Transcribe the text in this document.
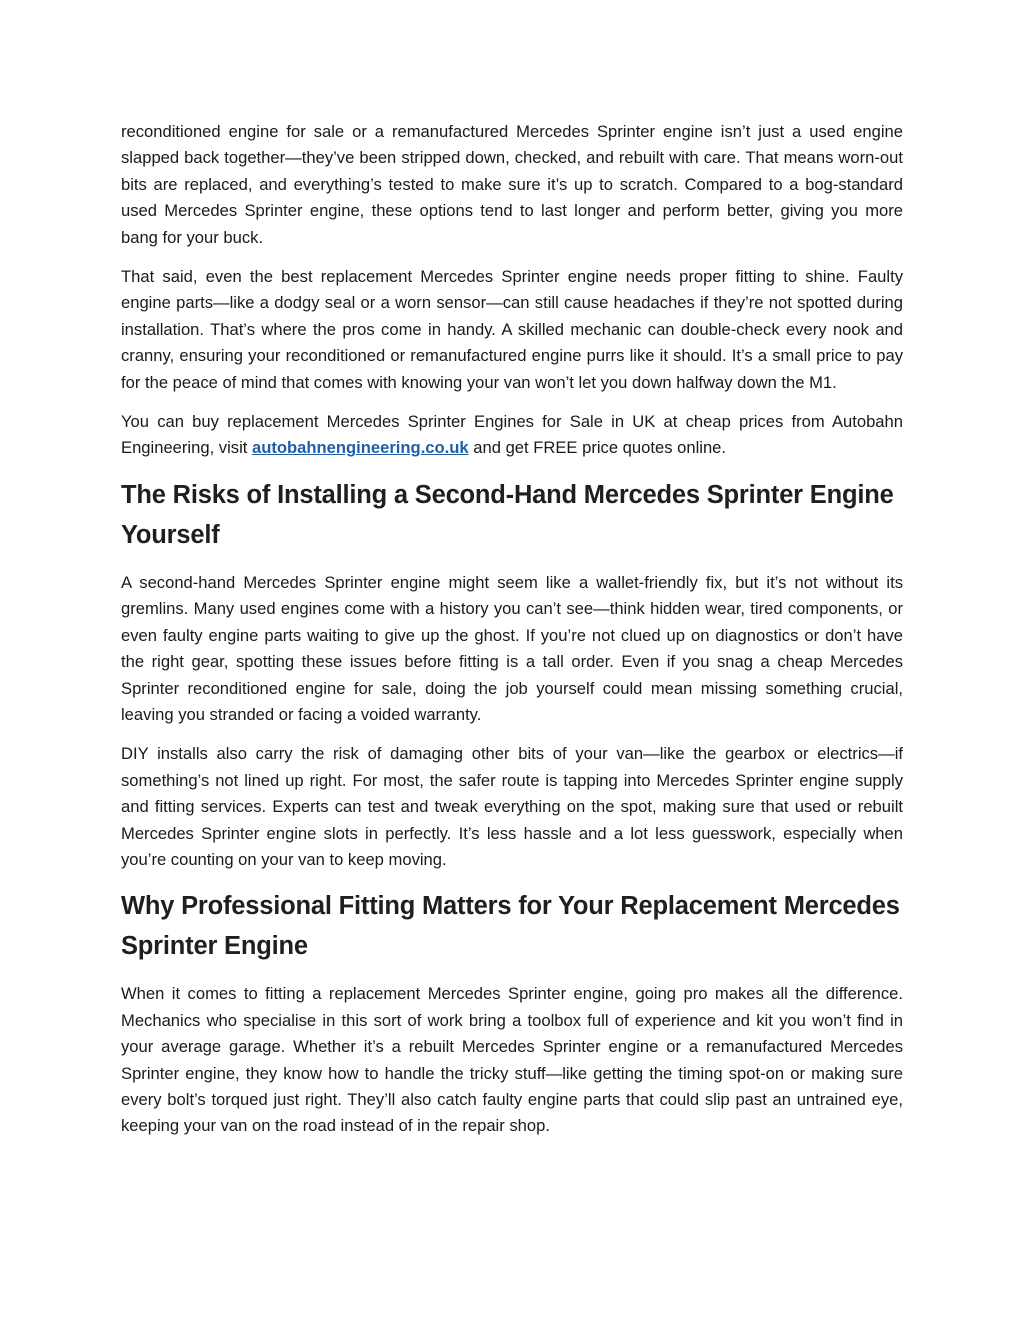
reconditioned engine for sale or a remanufactured Mercedes Sprinter engine isn’t just a used engine slapped back together—they’ve been stripped down, checked, and rebuilt with care. That means worn-out bits are replaced, and everything’s tested to make sure it’s up to scratch. Compared to a bog-standard used Mercedes Sprinter engine, these options tend to last longer and perform better, giving you more bang for your buck.

That said, even the best replacement Mercedes Sprinter engine needs proper fitting to shine. Faulty engine parts—like a dodgy seal or a worn sensor—can still cause headaches if they’re not spotted during installation. That’s where the pros come in handy. A skilled mechanic can double-check every nook and cranny, ensuring your reconditioned or remanufactured engine purrs like it should. It’s a small price to pay for the peace of mind that comes with knowing your van won’t let you down halfway down the M1.

You can buy replacement Mercedes Sprinter Engines for Sale in UK at cheap prices from Autobahn Engineering, visit autobahnengineering.co.uk and get FREE price quotes online.

The Risks of Installing a Second-Hand Mercedes Sprinter Engine Yourself

A second-hand Mercedes Sprinter engine might seem like a wallet-friendly fix, but it’s not without its gremlins. Many used engines come with a history you can’t see—think hidden wear, tired components, or even faulty engine parts waiting to give up the ghost. If you’re not clued up on diagnostics or don’t have the right gear, spotting these issues before fitting is a tall order. Even if you snag a cheap Mercedes Sprinter reconditioned engine for sale, doing the job yourself could mean missing something crucial, leaving you stranded or facing a voided warranty.

DIY installs also carry the risk of damaging other bits of your van—like the gearbox or electrics—if something’s not lined up right. For most, the safer route is tapping into Mercedes Sprinter engine supply and fitting services. Experts can test and tweak everything on the spot, making sure that used or rebuilt Mercedes Sprinter engine slots in perfectly. It’s less hassle and a lot less guesswork, especially when you’re counting on your van to keep moving.

Why Professional Fitting Matters for Your Replacement Mercedes Sprinter Engine

When it comes to fitting a replacement Mercedes Sprinter engine, going pro makes all the difference. Mechanics who specialise in this sort of work bring a toolbox full of experience and kit you won’t find in your average garage. Whether it’s a rebuilt Mercedes Sprinter engine or a remanufactured Mercedes Sprinter engine, they know how to handle the tricky stuff—like getting the timing spot-on or making sure every bolt’s torqued just right. They’ll also catch faulty engine parts that could slip past an untrained eye, keeping your van on the road instead of in the repair shop.
